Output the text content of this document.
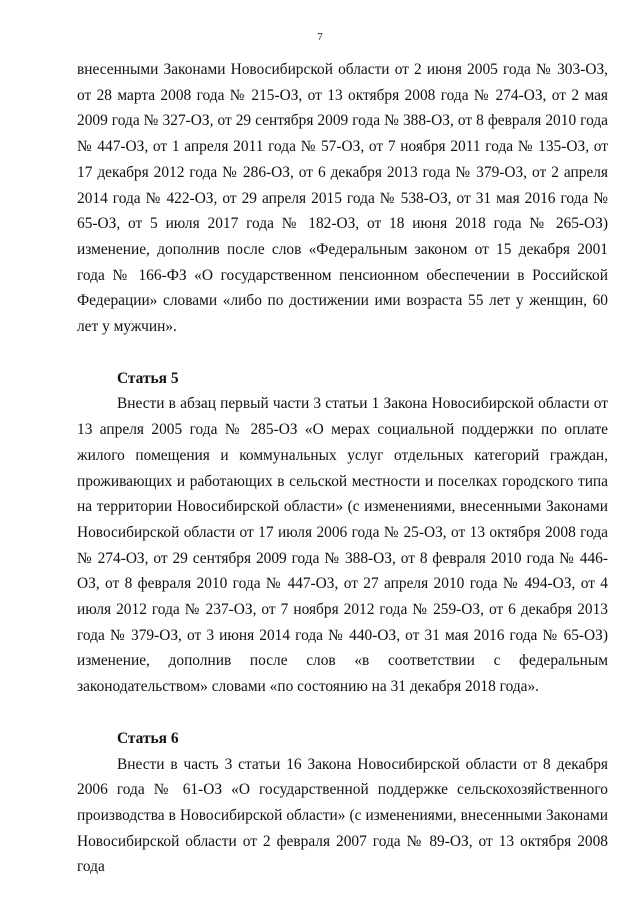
7

внесенными Законами Новосибирской области от 2 июня 2005 года № 303-ОЗ, от 28 марта 2008 года № 215-ОЗ, от 13 октября 2008 года № 274-ОЗ, от 2 мая 2009 года № 327-ОЗ, от 29 сентября 2009 года № 388-ОЗ, от 8 февраля 2010 года № 447-ОЗ, от 1 апреля 2011 года № 57-ОЗ, от 7 ноября 2011 года № 135-ОЗ, от 17 декабря 2012 года № 286-ОЗ, от 6 декабря 2013 года № 379-ОЗ, от 2 апреля 2014 года № 422-ОЗ, от 29 апреля 2015 года № 538-ОЗ, от 31 мая 2016 года № 65-ОЗ, от 5 июля 2017 года № 182-ОЗ, от 18 июня 2018 года № 265-ОЗ) изменение, дополнив после слов «Федеральным законом от 15 декабря 2001 года № 166-ФЗ «О государственном пенсионном обеспечении в Российской Федерации» словами «либо по достижении ими возраста 55 лет у женщин, 60 лет у мужчин».

Статья 5

Внести в абзац первый части 3 статьи 1 Закона Новосибирской области от 13 апреля 2005 года № 285-ОЗ «О мерах социальной поддержки по оплате жилого помещения и коммунальных услуг отдельных категорий граждан, проживающих и работающих в сельской местности и поселках городского типа на территории Новосибирской области» (с изменениями, внесенными Законами Новосибирской области от 17 июля 2006 года № 25-ОЗ, от 13 октября 2008 года № 274-ОЗ, от 29 сентября 2009 года № 388-ОЗ, от 8 февраля 2010 года № 446-ОЗ, от 8 февраля 2010 года № 447-ОЗ, от 27 апреля 2010 года № 494-ОЗ, от 4 июля 2012 года № 237-ОЗ, от 7 ноября 2012 года № 259-ОЗ, от 6 декабря 2013 года № 379-ОЗ, от 3 июня 2014 года № 440-ОЗ, от 31 мая 2016 года № 65-ОЗ) изменение, дополнив после слов «в соответствии с федеральным законодательством» словами «по состоянию на 31 декабря 2018 года».

Статья 6

Внести в часть 3 статьи 16 Закона Новосибирской области от 8 декабря 2006 года № 61-ОЗ «О государственной поддержке сельскохозяйственного производства в Новосибирской области» (с изменениями, внесенными Законами Новосибирской области от 2 февраля 2007 года № 89-ОЗ, от 13 октября 2008 года
